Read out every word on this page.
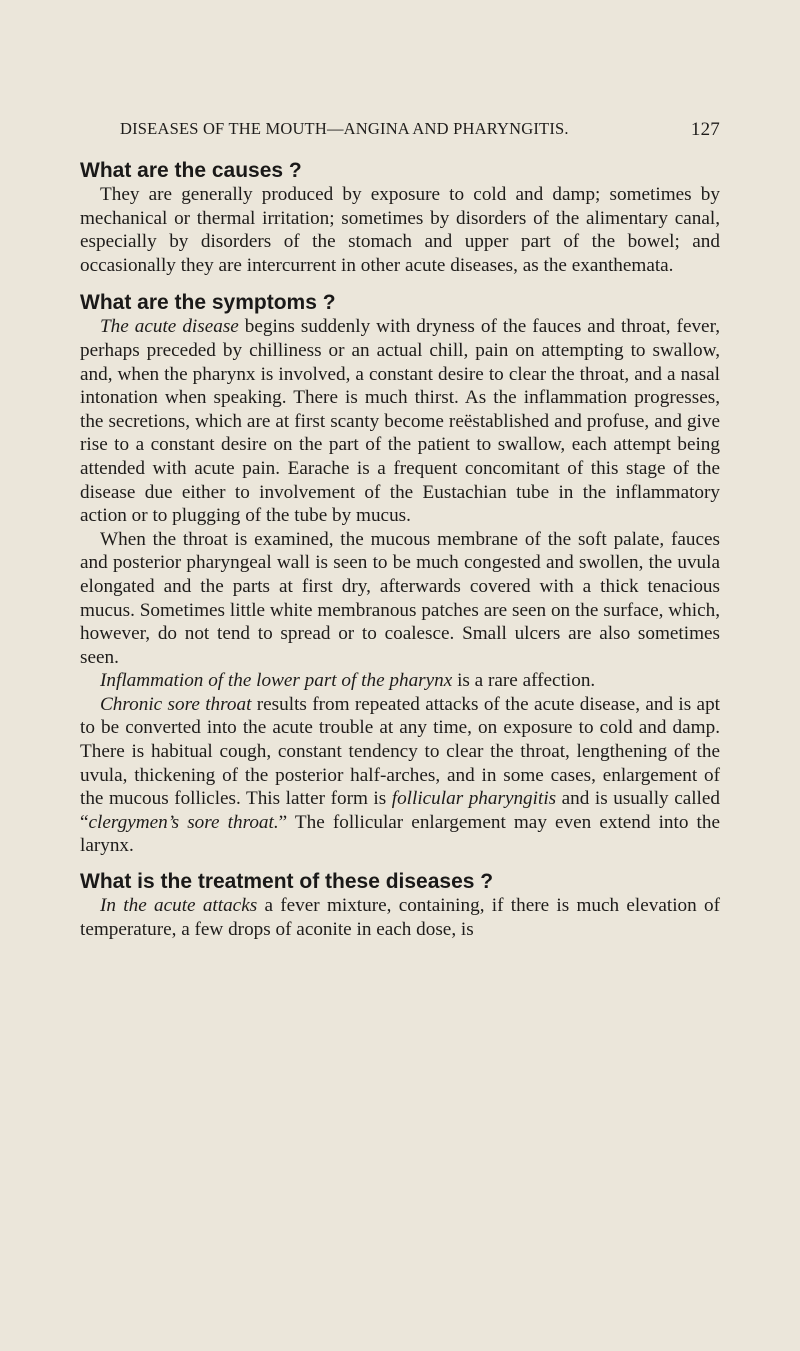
DISEASES OF THE MOUTH—ANGINA AND PHARYNGITIS.	127
What are the causes ?

They are generally produced by exposure to cold and damp; sometimes by mechanical or thermal irritation; sometimes by disorders of the alimentary canal, especially by disorders of the stomach and upper part of the bowel; and occasionally they are intercurrent in other acute diseases, as the exanthemata.

What are the symptoms ?

The acute disease begins suddenly with dryness of the fauces and throat, fever, perhaps preceded by chilliness or an actual chill, pain on attempting to swallow, and, when the pharynx is involved, a constant desire to clear the throat, and a nasal intonation when speaking. There is much thirst. As the inflammation progresses, the secretions, which are at first scanty become reëstablished and profuse, and give rise to a constant desire on the part of the patient to swallow, each attempt being attended with acute pain. Earache is a frequent concomitant of this stage of the disease due either to involvement of the Eustachian tube in the inflammatory action or to plugging of the tube by mucus.

When the throat is examined, the mucous membrane of the soft palate, fauces and posterior pharyngeal wall is seen to be much congested and swollen, the uvula elongated and the parts at first dry, afterwards covered with a thick tenacious mucus. Sometimes little white membranous patches are seen on the surface, which, however, do not tend to spread or to coalesce. Small ulcers are also sometimes seen.

Inflammation of the lower part of the pharynx is a rare affection.

Chronic sore throat results from repeated attacks of the acute disease, and is apt to be converted into the acute trouble at any time, on exposure to cold and damp. There is habitual cough, constant tendency to clear the throat, lengthening of the uvula, thickening of the posterior half-arches, and in some cases, enlargement of the mucous follicles. This latter form is follicular pharyngitis and is usually called “clergymen’s sore throat.” The follicular enlargement may even extend into the larynx.

What is the treatment of these diseases ?

In the acute attacks a fever mixture, containing, if there is much elevation of temperature, a few drops of aconite in each dose, is
